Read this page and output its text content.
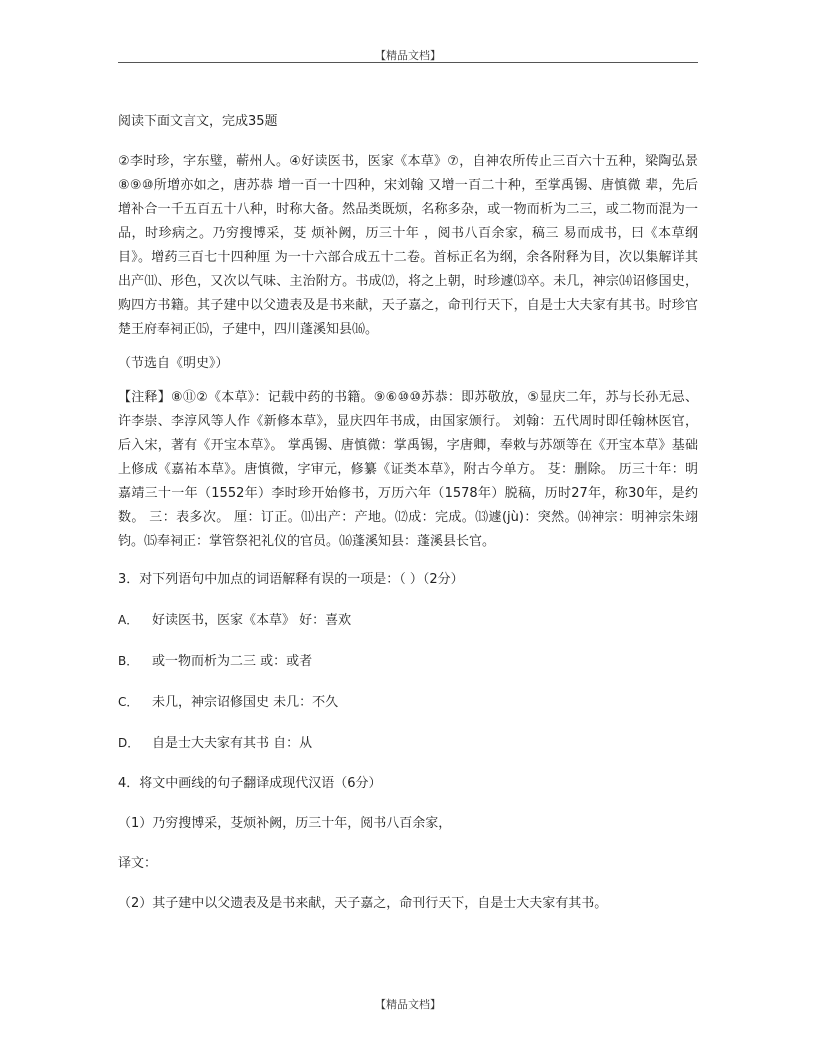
【精品文档】

阅读下面文言文，完成35题

②李时珍，字东璧，蕲州人。④好读医书，医家《本草》⑦，自神农所传止三百六十五种，梁陶弘景⑧⑨⑩所增亦如之，唐苏恭 增一百一十四种，宋刘翰 又增一百二十种，至掌禹锡、唐慎微 辈，先后增补合一千五百五十八种，时称大备。然品类既烦，名称多杂，或一物而析为二三，或二物而混为一品，时珍病之。乃穷搜博采，芟 烦补阙，历三十年 ，阅书八百余家，稿三 易而成书，曰《本草纲目》。增药三百七十四种厘 为一十六部合成五十二卷。首标正名为纲，余各附释为目，次以集解详其出产⑾、形色，又次以气味、主治附方。书成⑿，将之上朝，时珍遽⒀卒。未几，神宗⒁诏修国史，购四方书籍。其子建中以父遗表及是书来献，天子嘉之，命刊行天下，自是士大夫家有其书。时珍官楚王府奉祠正⒂，子建中，四川蓬溪知县⒃。

（节选自《明史》）

【注释】⑧⑪②《本草》：记载中药的书籍。⑨⑥⑩⑩苏恭：即苏敬放，⑤显庆二年，苏与长孙无忌、许李崇、李淳风等人作《新修本草》，显庆四年书成，由国家颁行。 刘翰：五代周时即任翰林医官，后入宋，著有《开宝本草》。 掌禹锡、唐慎微：掌禹锡，字唐卿，奉敕与苏颂等在《开宝本草》基础上修成《嘉祐本草》。唐慎微，字审元，修纂《证类本草》，附古今单方。 芟：删除。 历三十年：明嘉靖三十一年（1552年）李时珍开始修书，万历六年（1578年）脱稿，历时27年，称30年，是约数。 三：表多次。 厘：订正。⑾出产：产地。⑿成：完成。⒀遽(jù)：突然。⒁神宗：明神宗朱翊钧。⒂奉祠正：掌管祭祀礼仪的官员。⒃蓬溪知县：蓬溪县长官。

3．对下列语句中加点的词语解释有误的一项是：（ ）（2分）

A． 好读医书，医家《本草》 好：喜欢
B． 或一物而析为二三 或：或者
C． 未几，神宗诏修国史 未几：不久
D． 自是士大夫家有其书 自：从

4．将文中画线的句子翻译成现代汉语（6分）

（1）乃穷搜博采，芟烦补阙，历三十年，阅书八百余家，

译文：

（2）其子建中以父遗表及是书来献，天子嘉之，命刊行天下，自是士大夫家有其书。

【精品文档】
